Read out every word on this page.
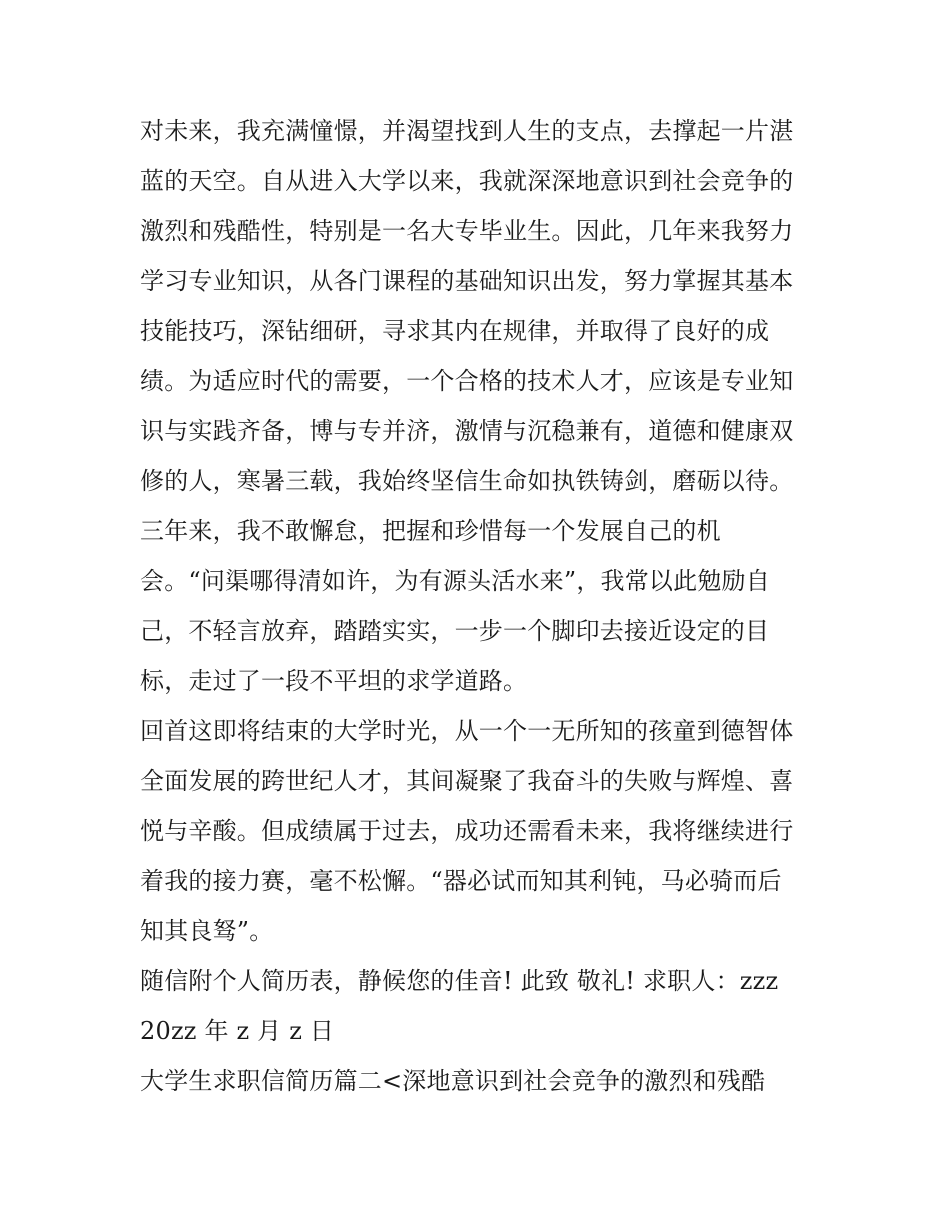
对未来，我充满憧憬，并渴望找到人生的支点，去撑起一片湛
蓝的天空。自从进入大学以来，我就深深地意识到社会竞争的
激烈和残酷性，特别是一名大专毕业生。因此，几年来我努力
学习专业知识，从各门课程的基础知识出发，努力掌握其基本
技能技巧，深钻细研，寻求其内在规律，并取得了良好的成
绩。为适应时代的需要，一个合格的技术人才，应该是专业知
识与实践齐备，博与专并济，激情与沉稳兼有，道德和健康双
修的人，寒暑三载，我始终坚信生命如执铁铸剑，磨砺以待。
三年来，我不敢懈怠，把握和珍惜每一个发展自己的机
会。“问渠哪得清如许，为有源头活水来”，我常以此勉励自
己，不轻言放弃，踏踏实实，一步一个脚印去接近设定的目
标，走过了一段不平坦的求学道路。
回首这即将结束的大学时光，从一个一无所知的孩童到德智体
全面发展的跨世纪人才，其间凝聚了我奋斗的失败与辉煌、喜
悦与辛酸。但成绩属于过去，成功还需看未来，我将继续进行
着我的接力赛，毫不松懈。“器必试而知其利钝，马必骑而后
知其良驽”。
随信附个人简历表，静候您的佳音! 此致 敬礼! 求职人：zzz
20zz 年 z 月 z 日
大学生求职信简历篇二<深地意识到社会竞争的激烈和残酷
